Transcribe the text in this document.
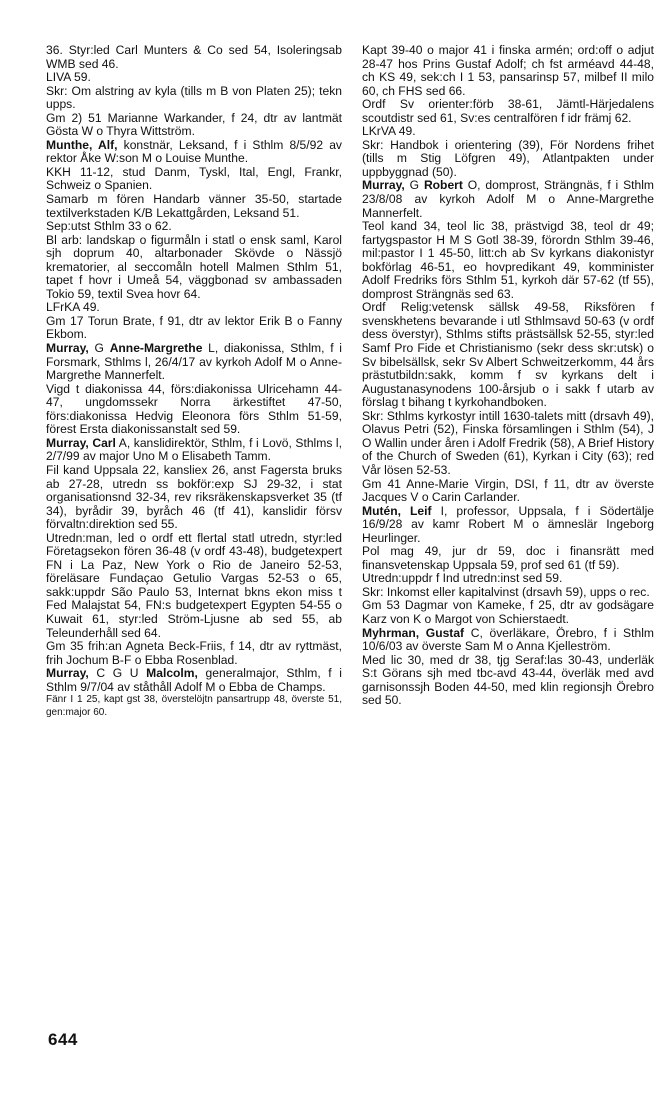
36. Styr:led Carl Munters & Co sed 54, Isoleringsab WMB sed 46.

LIVA 59.

Skr: Om alstring av kyla (tills m B von Platen 25); tekn upps.

Gm 2) 51 Marianne Warkander, f 24, dtr av lantmät Gösta W o Thyra Wittström.

Munthe, Alf, konstnär, Leksand, f i Sthlm 8/5/92 av rektor Åke W:son M o Louise Munthe.

KKH 11-12, stud Danm, Tyskl, Ital, Engl, Frankr, Schweiz o Spanien.

Samarb m fören Handarb vänner 35-50, startade textilverkstaden K/B Lekattgården, Leksand 51.

Sep:utst Sthlm 33 o 62.

Bl arb: landskap o figurmåln i statl o ensk saml, Karol sjh doprum 40, altarbonader Skövde o Nässjö krematorier, al seccomåln hotell Malmen Sthlm 51, tapet f hovr i Umeå 54, väggbonad sv ambassaden Tokio 59, textil Svea hovr 64.

LFrKA 49.

Gm 17 Torun Brate, f 91, dtr av lektor Erik B o Fanny Ekbom.

Murray, G Anne-Margrethe L, diakonissa, Sthlm, f i Forsmark, Sthlms l, 26/4/17 av kyrkoh Adolf M o Anne-Margrethe Mannerfelt.

Vigd t diakonissa 44, förs:diakonissa Ulricehamn 44-47, ungdomssekr Norra ärkestiftet 47-50, förs:diakonissa Hedvig Eleonora förs Sthlm 51-59, förest Ersta diakonissanstalt sed 59.

Murray, Carl A, kanslidirektör, Sthlm, f i Lovö, Sthlms l, 2/7/99 av major Uno M o Elisabeth Tamm.

Fil kand Uppsala 22, kansliex 26, anst Fagersta bruks ab 27-28, utredn ss bokför:exp SJ 29-32, i stat organisationsnd 32-34, rev riksräkenskapsverket 35 (tf 34), byrådir 39, byråch 46 (tf 41), kanslidir försv förvaltn:direktion sed 55.

Utredn:man, led o ordf ett flertal statl utredn, styr:led Företagsekon fören 36-48 (v ordf 43-48), budgetexpert FN i La Paz, New York o Rio de Janeiro 52-53, föreläsare Fundaçao Getulio Vargas 52-53 o 65, sakk:uppdr São Paulo 53, Internat bkns ekon miss t Fed Malajstat 54, FN:s budgetexpert Egypten 54-55 o Kuwait 61, styr:led Ström-Ljusne ab sed 55, ab Teleunderhåll sed 64.

Gm 35 frih:an Agneta Beck-Friis, f 14, dtr av ryttmäst, frih Jochum B-F o Ebba Rosenblad.

Murray, C G U Malcolm, generalmajor, Sthlm, f i Sthlm 9/7/04 av ståthåll Adolf M o Ebba de Champs.

Fänr I 1 25, kapt gst 38, överstelöjtn pansartrupp 48, överste 51, gen:major 60.

Kapt 39-40 o major 41 i finska armén; ord:off o adjut 28-47 hos Prins Gustaf Adolf; ch fst arméavd 44-48, ch KS 49, sek:ch I 1 53, pansarinsp 57, milbef II milo 60, ch FHS sed 66.

Ordf Sv orienter:förb 38-61, Jämtl-Härjedalens scoutdistr sed 61, Sv:es centralfören f idr främj 62.

LKrVA 49.

Skr: Handbok i orientering (39), För Nordens frihet (tills m Stig Löfgren 49), Atlantpakten under uppbyggnad (50).

Murray, G Robert O, domprost, Strängnäs, f i Sthlm 23/8/08 av kyrkoh Adolf M o Anne-Margrethe Mannerfelt.

Teol kand 34, teol lic 38, prästvigd 38, teol dr 49; fartygspastor H M S Gotl 38-39, förordn Sthlm 39-46, mil:pastor I 1 45-50, litt:ch ab Sv kyrkans diakonistyr bokförlag 46-51, eo hovpredikant 49, komminister Adolf Fredriks förs Sthlm 51, kyrkoh där 57-62 (tf 55), domprost Strängnäs sed 63.

Ordf Relig:vetensk sällsk 49-58, Riksfören f svenskhetens bevarande i utl Sthlmsavd 50-63 (v ordf dess överstyr), Sthlms stifts prästsällsk 52-55, styr:led Samf Pro Fide et Christianismo (sekr dess skr:utsk) o Sv bibelsällsk, sekr Sv Albert Schweitzerkomm, 44 års prästutbildn:sakk, komm f sv kyrkans delt i Augustanasynodens 100-årsjub o i sakk f utarb av förslag t bihang t kyrkohandboken.

Skr: Sthlms kyrkostyr intill 1630-talets mitt (drsavh 49), Olavus Petri (52), Finska församlingen i Sthlm (54), J O Wallin under åren i Adolf Fredrik (58), A Brief History of the Church of Sweden (61), Kyrkan i City (63); red Vår lösen 52-53.

Gm 41 Anne-Marie Virgin, DSI, f 11, dtr av överste Jacques V o Carin Carlander.

Mutén, Leif I, professor, Uppsala, f i Södertälje 16/9/28 av kamr Robert M o ämneslär Ingeborg Heurlinger.

Pol mag 49, jur dr 59, doc i finansrätt med finansvetenskap Uppsala 59, prof sed 61 (tf 59).

Utredn:uppdr f Ind utredn:inst sed 59.

Skr: Inkomst eller kapitalvinst (drsavh 59), upps o rec.

Gm 53 Dagmar von Kameke, f 25, dtr av godsägare Karz von K o Margot von Schierstaedt.

Myhrman, Gustaf C, överläkare, Örebro, f i Sthlm 10/6/03 av överste Sam M o Anna Kjelleström.

Med lic 30, med dr 38, tjg Seraf:las 30-43, underläk S:t Görans sjh med tbc-avd 43-44, överläk med avd garnisonssjh Boden 44-50, med klin regionsjh Örebro sed 50.

644
